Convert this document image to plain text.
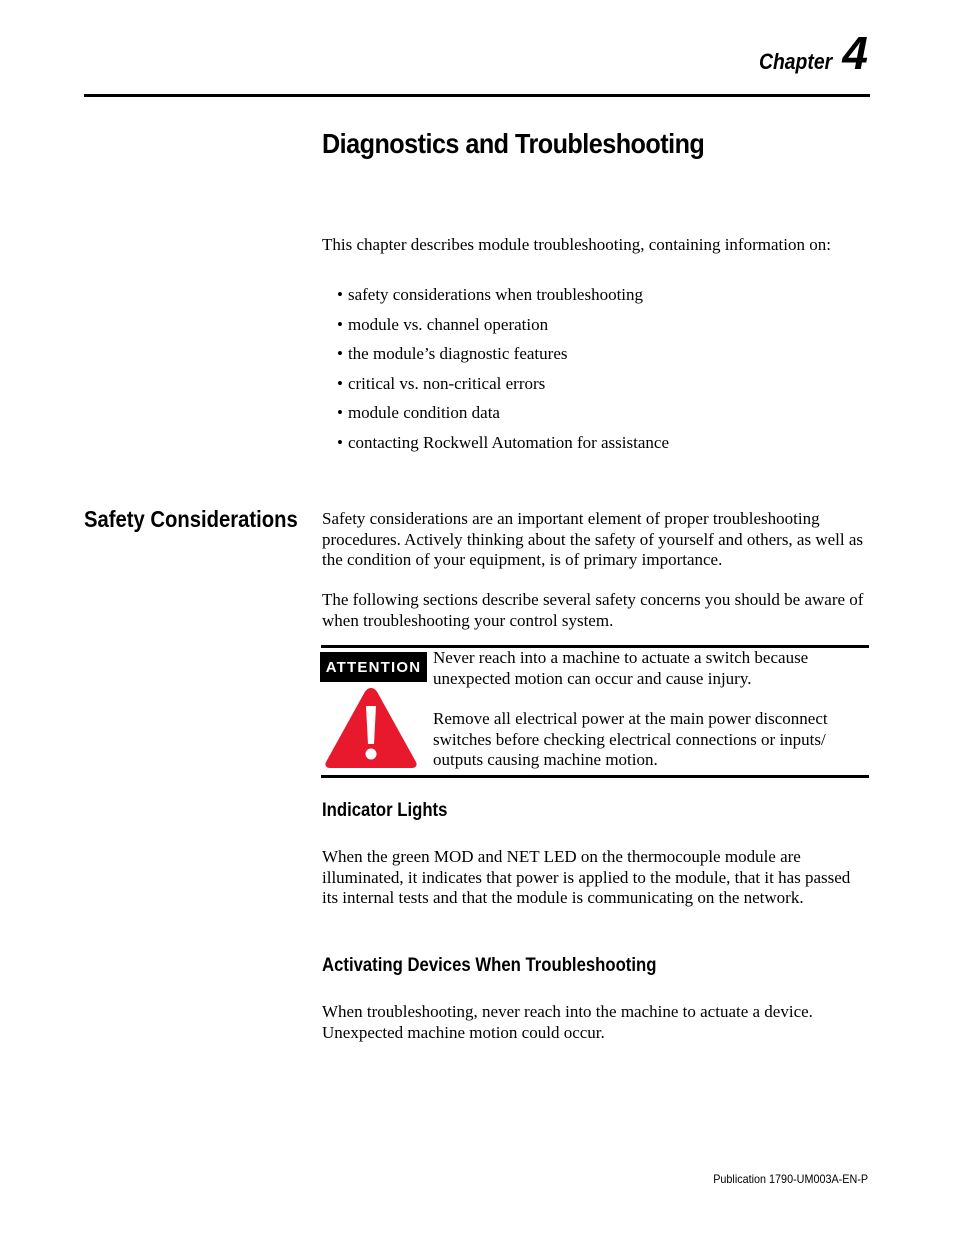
Chapter 4
Diagnostics and Troubleshooting

This chapter describes module troubleshooting, containing information on:

• safety considerations when troubleshooting
• module vs. channel operation
• the module’s diagnostic features
• critical vs. non-critical errors
• module condition data
• contacting Rockwell Automation for assistance
Safety Considerations Safety considerations are an important element of proper troubleshooting procedures. Actively thinking about the safety of yourself and others, as well as the condition of your equipment, is of primary importance.

The following sections describe several safety concerns you should be aware of when troubleshooting your control system.

ATTENTION Never reach into a machine to actuate a switch because unexpected motion can occur and cause injury.

Remove all electrical power at the main power disconnect switches before checking electrical connections or inputs/ outputs causing machine motion.

Indicator Lights

When the green MOD and NET LED on the thermocouple module are illuminated, it indicates that power is applied to the module, that it has passed its internal tests and that the module is communicating on the network.

Activating Devices When Troubleshooting

When troubleshooting, never reach into the machine to actuate a device. Unexpected machine motion could occur.

Publication 1790-UM003A-EN-P
